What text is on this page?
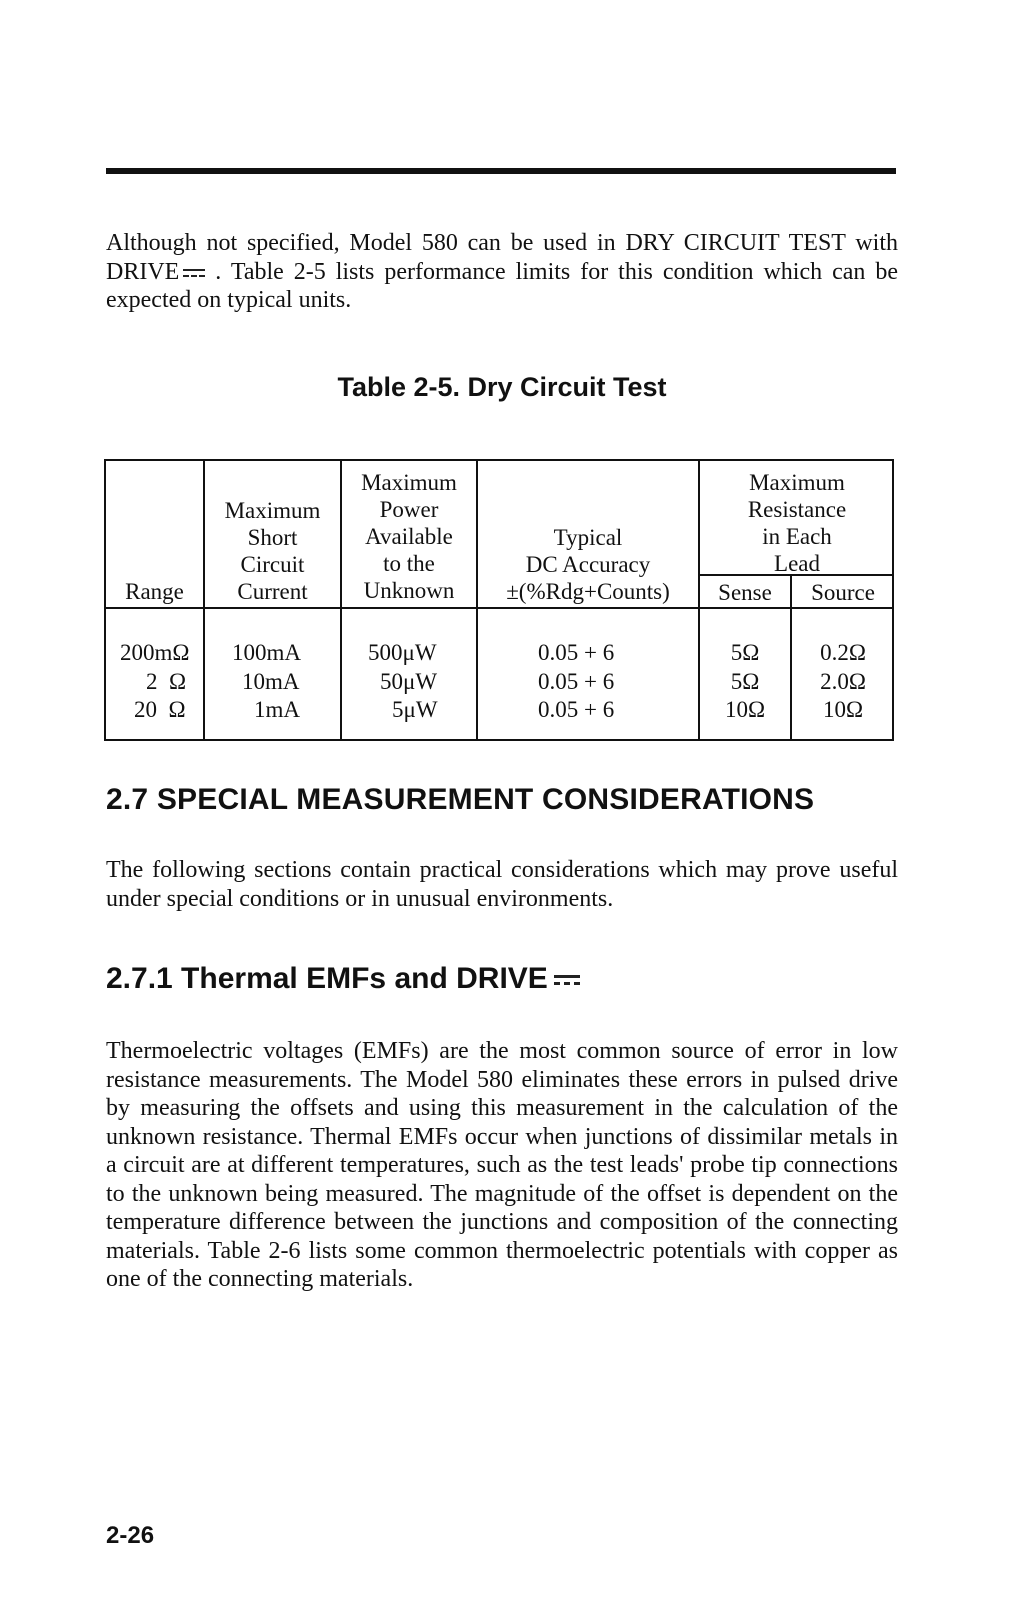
Although not specified, Model 580 can be used in DRY CIRCUIT TEST with DRIVE . Table 2-5 lists performance limits for this condition which can be expected on typical units.

Table 2-5. Dry Circuit Test
Range
Maximum
Short
Circuit
Current
Maximum
Power
Available
to the
Unknown
Typical
DC Accuracy
±(%Rdg+Counts)
Maximum
Resistance
in Each
Lead
Sense	Source
200mΩ
2  Ω
20  Ω
100mA
10mA
1mA
500μW
50μW
5μW
0.05 + 6
0.05 + 6
0.05 + 6
5Ω
5Ω
10Ω
0.2Ω
2.0Ω
10Ω
2.7 SPECIAL MEASUREMENT CONSIDERATIONS

The following sections contain practical considerations which may prove useful under special conditions or in unusual environments.

2.7.1 Thermal EMFs and DRIVE

Thermoelectric voltages (EMFs) are the most common source of error in low resistance measurements. The Model 580 eliminates these errors in pulsed drive by measuring the offsets and using this measurement in the calculation of the unknown resistance. Thermal EMFs occur when junctions of dissimilar metals in a circuit are at different temperatures, such as the test leads' probe tip connections to the unknown being measured. The magnitude of the offset is dependent on the temperature difference between the junctions and composition of the connecting materials. Table 2-6 lists some common thermoelectric potentials with copper as one of the connecting materials.

2-26
